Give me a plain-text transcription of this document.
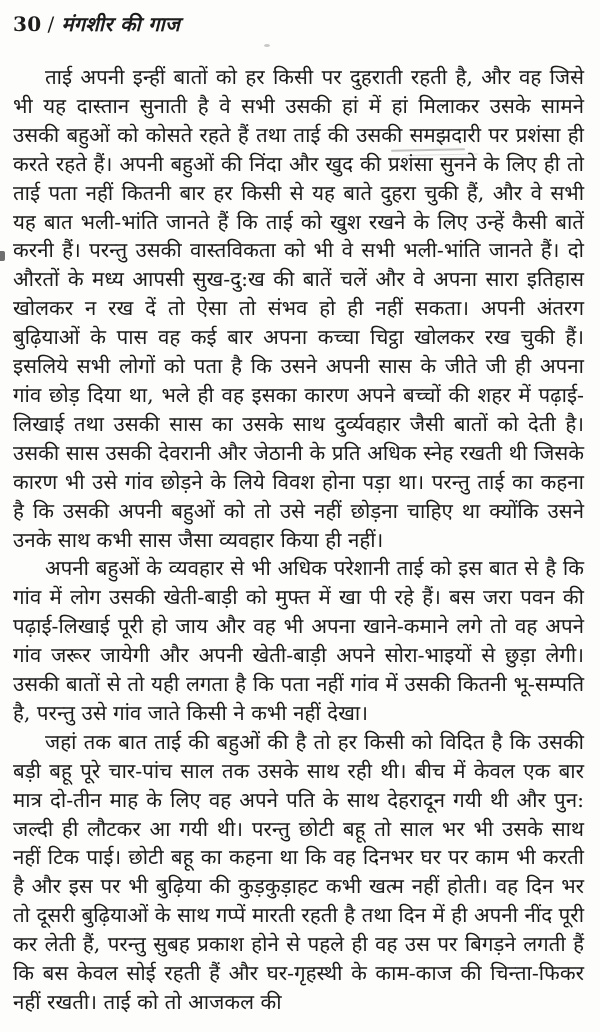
30 / मंगशीर की गाज

ताई अपनी इन्हीं बातों को हर किसी पर दुहराती रहती है, और वह जिसे भी यह दास्तान सुनाती है वे सभी उसकी हां में हां मिलाकर उसके सामने उसकी बहुओं को कोसते रहते हैं तथा ताई की उसकी समझदारी पर प्रशंसा ही करते रहते हैं। अपनी बहुओं की निंदा और खुद की प्रशंसा सुनने के लिए ही तो ताई पता नहीं कितनी बार हर किसी से यह बाते दुहरा चुकी हैं, और वे सभी यह बात भली-भांति जानते हैं कि ताई को खुश रखने के लिए उन्हें कैसी बातें करनी हैं। परन्तु उसकी वास्तविकता को भी वे सभी भली-भांति जानते हैं। दो औरतों के मध्य आपसी सुख-दु:ख की बातें चलें और वे अपना सारा इतिहास खोलकर न रख दें तो ऐसा तो संभव हो ही नहीं सकता। अपनी अंतरग बुढ़ियाओं के पास वह कई बार अपना कच्चा चिट्ठा खोलकर रख चुकी हैं। इसलिये सभी लोगों को पता है कि उसने अपनी सास के जीते जी ही अपना गांव छोड़ दिया था, भले ही वह इसका कारण अपने बच्चों की शहर में पढ़ाई-लिखाई तथा उसकी सास का उसके साथ दुर्व्यवहार जैसी बातों को देती है। उसकी सास उसकी देवरानी और जेठानी के प्रति अधिक स्नेह रखती थी जिसके कारण भी उसे गांव छोड़ने के लिये विवश होना पड़ा था। परन्तु ताई का कहना है कि उसकी अपनी बहुओं को तो उसे नहीं छोड़ना चाहिए था क्योंकि उसने उनके साथ कभी सास जैसा व्यवहार किया ही नहीं।

अपनी बहुओं के व्यवहार से भी अधिक परेशानी ताई को इस बात से है कि गांव में लोग उसकी खेती-बाड़ी को मुफ्त में खा पी रहे हैं। बस जरा पवन की पढ़ाई-लिखाई पूरी हो जाय और वह भी अपना खाने-कमाने लगे तो वह अपने गांव जरूर जायेगी और अपनी खेती-बाड़ी अपने सोरा-भाइयों से छुड़ा लेगी। उसकी बातों से तो यही लगता है कि पता नहीं गांव में उसकी कितनी भू-सम्पति है, परन्तु उसे गांव जाते किसी ने कभी नहीं देखा।

जहां तक बात ताई की बहुओं की है तो हर किसी को विदित है कि उसकी बड़ी बहू पूरे चार-पांच साल तक उसके साथ रही थी। बीच में केवल एक बार मात्र दो-तीन माह के लिए वह अपने पति के साथ देहरादून गयी थी और पुन: जल्दी ही लौटकर आ गयी थी। परन्तु छोटी बहू तो साल भर भी उसके साथ नहीं टिक पाई। छोटी बहू का कहना था कि वह दिनभर घर पर काम भी करती है और इस पर भी बुढ़िया की कुड़कुड़ाहट कभी खत्म नहीं होती। वह दिन भर तो दूसरी बुढ़ियाओं के साथ गप्पें मारती रहती है तथा दिन में ही अपनी नींद पूरी कर लेती हैं, परन्तु सुबह प्रकाश होने से पहले ही वह उस पर बिगड़ने लगती हैं कि बस केवल सोई रहती हैं और घर-गृहस्थी के काम-काज की चिन्ता-फिकर नहीं रखती। ताई को तो आजकल की
